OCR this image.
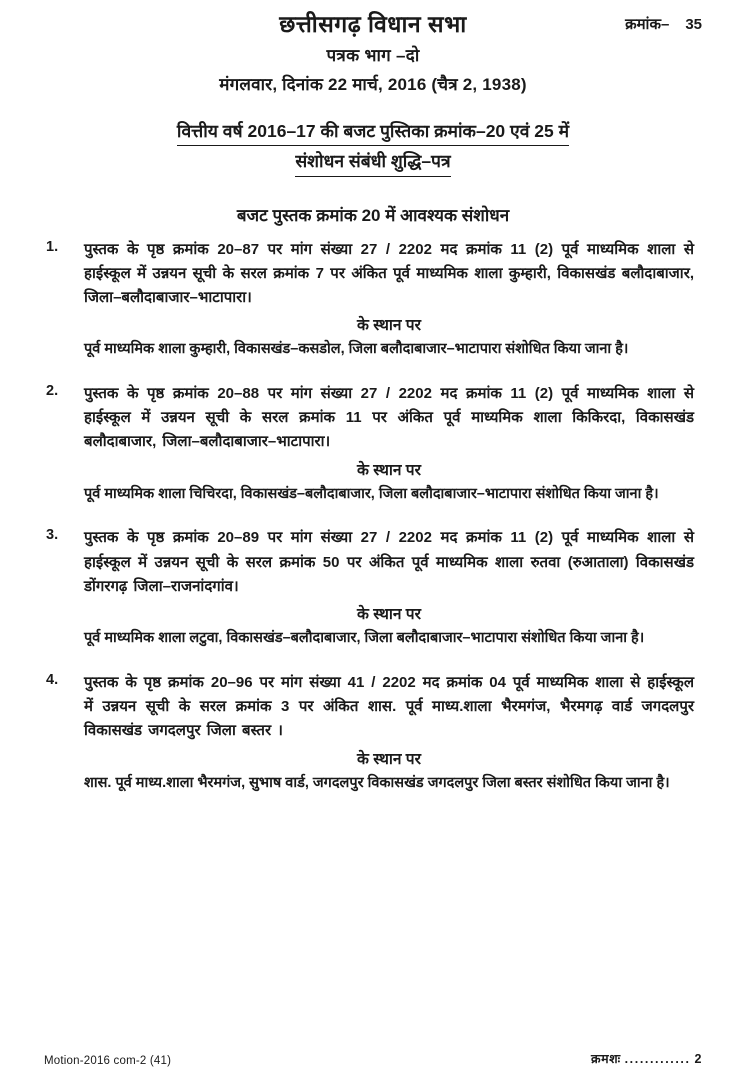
क्रमांक– 35
छत्तीसगढ़ विधान सभा
पत्रक भाग –दो
मंगलवार, दिनांक 22 मार्च, 2016 (चैत्र 2, 1938)
वित्तीय वर्ष 2016–17 की बजट पुस्तिका क्रमांक–20 एवं 25 में
संशोधन संबंधी शुद्धि–पत्र
बजट पुस्तक क्रमांक 20 में आवश्यक संशोधन
1.	पुस्तक के पृष्ठ क्रमांक 20–87 पर मांग संख्या 27 / 2202 मद क्रमांक 11 (2) पूर्व माध्यमिक शाला से हाईस्कूल में उन्नयन सूची के सरल क्रमांक 7 पर अंकित पूर्व माध्यमिक शाला कुम्हारी, विकासखंड बलौदाबाजार, जिला–बलौदाबाजार–भाटापारा।
के स्थान पर
पूर्व माध्यमिक शाला कुम्हारी, विकासखंड–कसडोल, जिला बलौदाबाजार–भाटापारा संशोधित किया जाना है।
2.	पुस्तक के पृष्ठ क्रमांक 20–88 पर मांग संख्या 27 / 2202 मद क्रमांक 11 (2) पूर्व माध्यमिक शाला से हाईस्कूल में उन्नयन सूची के सरल क्रमांक 11 पर अंकित पूर्व माध्यमिक शाला किकिरदा, विकासखंड बलौदाबाजार, जिला–बलौदाबाजार–भाटापारा।
के स्थान पर
पूर्व माध्यमिक शाला चिचिरदा, विकासखंड–बलौदाबाजार, जिला बलौदाबाजार–भाटापारा संशोधित किया जाना है।
3.	पुस्तक के पृष्ठ क्रमांक 20–89 पर मांग संख्या 27 / 2202 मद क्रमांक 11 (2) पूर्व माध्यमिक शाला से हाईस्कूल में उन्नयन सूची के सरल क्रमांक 50 पर अंकित पूर्व माध्यमिक शाला रुतवा (रुआताला) विकासखंड डोंगरगढ़ जिला–राजनांदगांव।
के स्थान पर
पूर्व माध्यमिक शाला लटुवा, विकासखंड–बलौदाबाजार, जिला बलौदाबाजार–भाटापारा संशोधित किया जाना है।
4.	पुस्तक के पृष्ठ क्रमांक 20–96 पर मांग संख्या 41 / 2202 मद क्रमांक 04 पूर्व माध्यमिक शाला से हाईस्कूल में उन्नयन सूची के सरल क्रमांक 3 पर अंकित शास. पूर्व माध्य.शाला भैरमगंज, भैरमगढ़ वार्ड जगदलपुर विकासखंड जगदलपुर जिला बस्तर ।
के स्थान पर
शास. पूर्व माध्य.शाला भैरमगंज, सुभाष वार्ड, जगदलपुर विकासखंड जगदलपुर जिला बस्तर संशोधित किया जाना है।
Motion-2016 com-2 (41)	क्रमशः ............. 2
